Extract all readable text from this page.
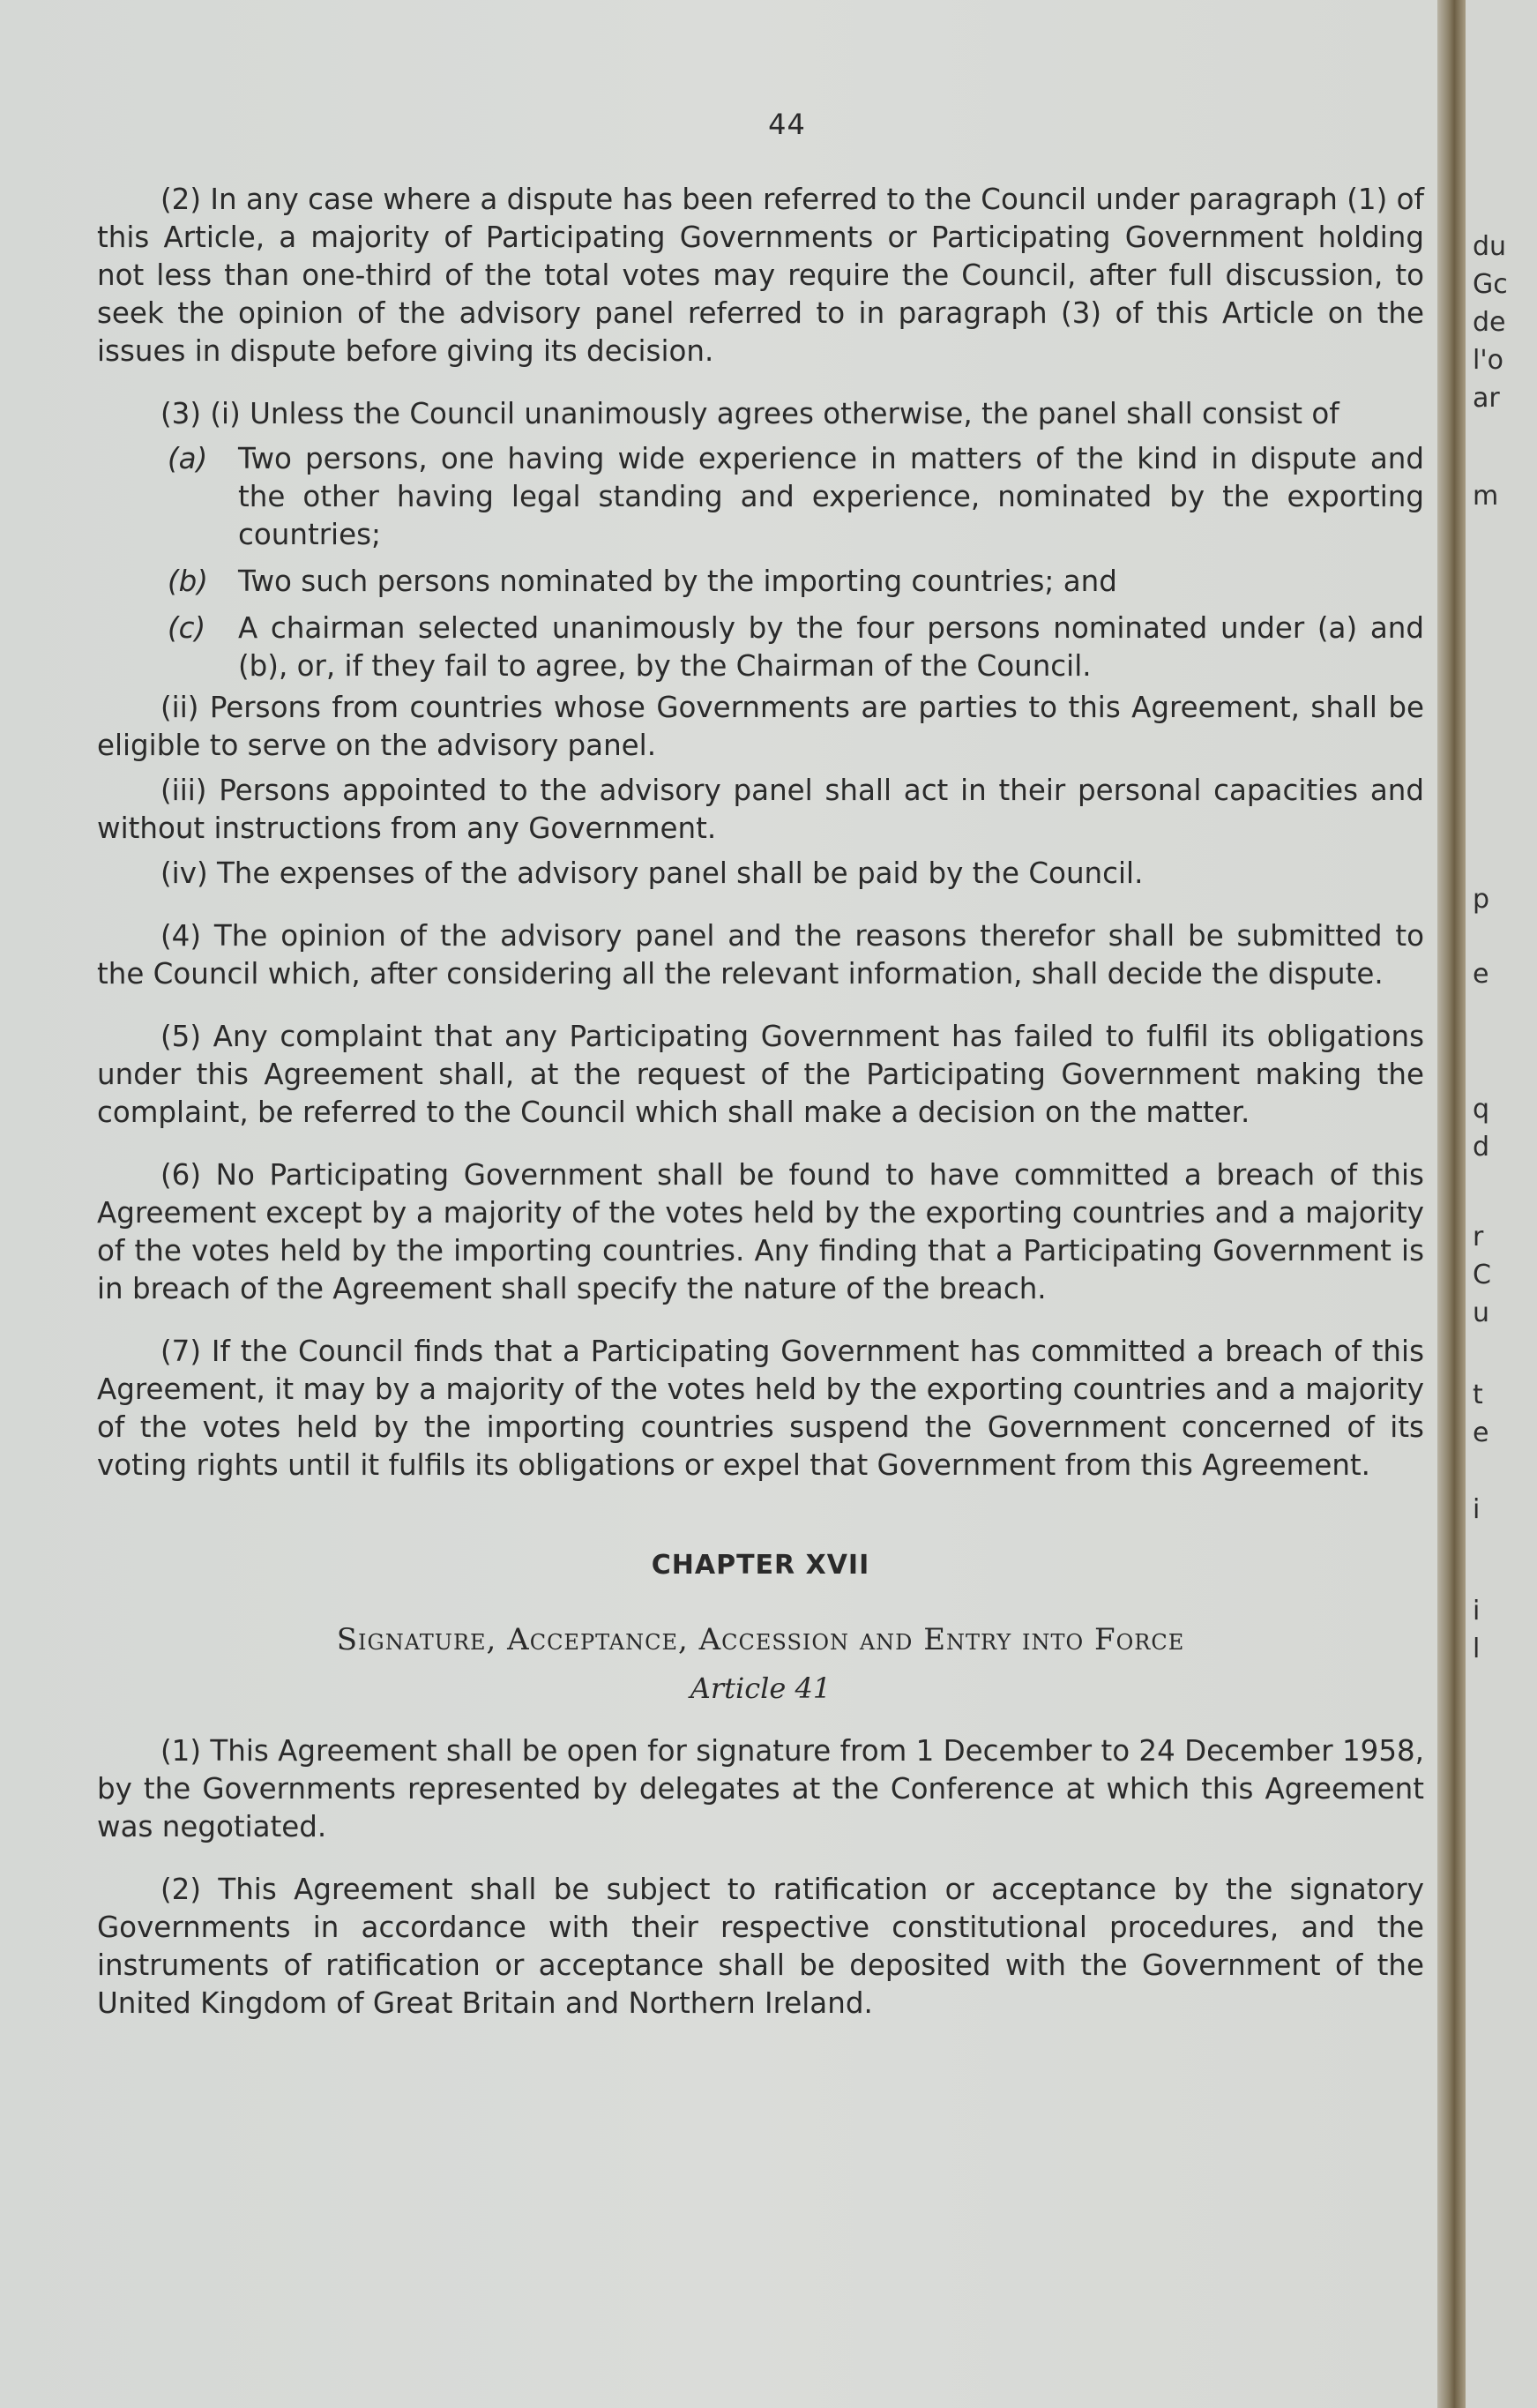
44

(2) In any case where a dispute has been referred to the Council under paragraph (1) of this Article, a majority of Participating Governments or Participating Government holding not less than one-third of the total votes may require the Council, after full discussion, to seek the opinion of the advisory panel referred to in paragraph (3) of this Article on the issues in dispute before giving its decision.

(3) (i) Unless the Council unanimously agrees otherwise, the panel shall consist of

(a)	Two persons, one having wide experience in matters of the kind in dispute and the other having legal standing and experience, nominated by the exporting countries;
(b)	Two such persons nominated by the importing countries; and
(c)	A chairman selected unanimously by the four persons nominated under (a) and (b), or, if they fail to agree, by the Chairman of the Council.

(ii) Persons from countries whose Governments are parties to this Agreement, shall be eligible to serve on the advisory panel.

(iii) Persons appointed to the advisory panel shall act in their personal capacities and without instructions from any Government.

(iv) The expenses of the advisory panel shall be paid by the Council.

(4) The opinion of the advisory panel and the reasons therefor shall be submitted to the Council which, after considering all the relevant information, shall decide the dispute.

(5) Any complaint that any Participating Government has failed to fulfil its obligations under this Agreement shall, at the request of the Participating Government making the complaint, be referred to the Council which shall make a decision on the matter.

(6) No Participating Government shall be found to have committed a breach of this Agreement except by a majority of the votes held by the exporting countries and a majority of the votes held by the importing countries. Any finding that a Participating Government is in breach of the Agreement shall specify the nature of the breach.

(7) If the Council finds that a Participating Government has committed a breach of this Agreement, it may by a majority of the votes held by the exporting countries and a majority of the votes held by the importing countries suspend the Government concerned of its voting rights until it fulfils its obligations or expel that Government from this Agreement.

CHAPTER XVII
Signature, Acceptance, Accession and Entry into Force
Article 41

(1) This Agreement shall be open for signature from 1 December to 24 December 1958, by the Governments represented by delegates at the Conference at which this Agreement was negotiated.

(2) This Agreement shall be subject to ratification or acceptance by the signatory Governments in accordance with their respective constitutional procedures, and the instruments of ratification or acceptance shall be deposited with the Government of the United Kingdom of Great Britain and Northern Ireland.

du
Gc
de
l'o
ar
m
p
e
q
d
r
C
u
t
e
i
i
l
